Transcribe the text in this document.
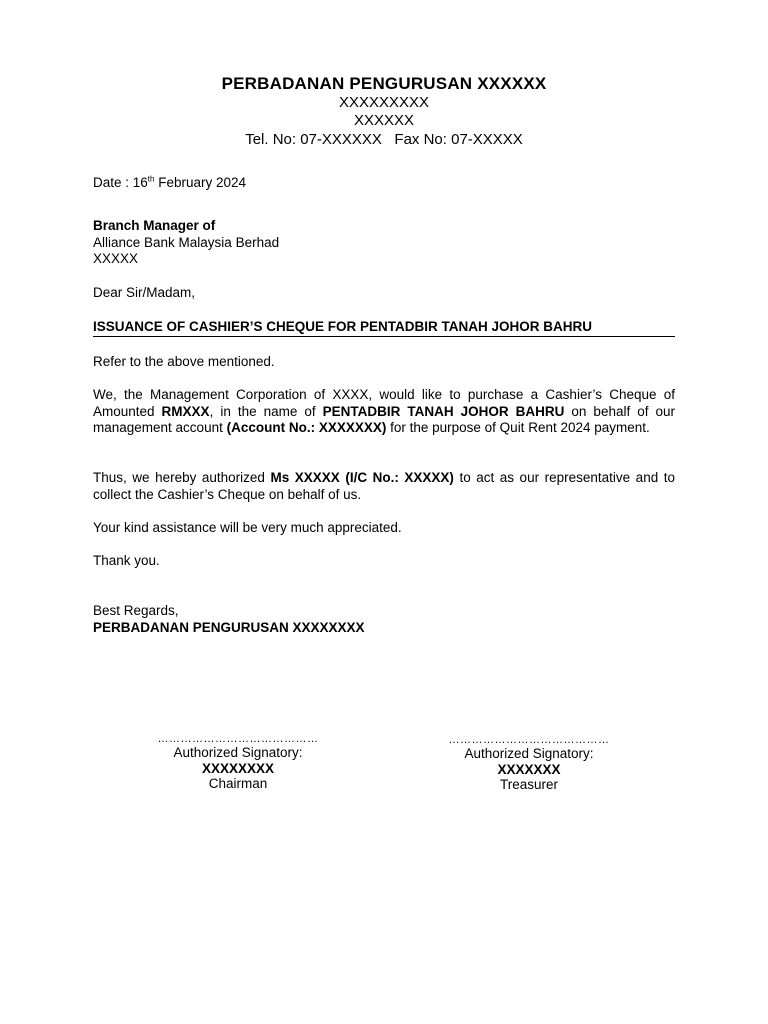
PERBADANAN PENGURUSAN XXXXXX
XXXXXXXXX
XXXXXX
Tel. No: 07-XXXXXX   Fax No: 07-XXXXX
Date : 16th February 2024
Branch Manager of
Alliance Bank Malaysia Berhad
XXXXX
Dear Sir/Madam,
ISSUANCE OF CASHIER’S CHEQUE FOR PENTADBIR TANAH JOHOR BAHRU
Refer to the above mentioned.
We, the Management Corporation of XXXX, would like to purchase a Cashier’s Cheque of Amounted RMXXX, in the name of PENTADBIR TANAH JOHOR BAHRU on behalf of our management account (Account No.: XXXXXXX) for the purpose of Quit Rent 2024 payment.
Thus, we hereby authorized Ms XXXXX (I/C No.: XXXXX) to act as our representative and to collect the Cashier’s Cheque on behalf of us.
Your kind assistance will be very much appreciated.
Thank you.
Best Regards,
PERBADANAN PENGURUSAN XXXXXXXX
……………………………………
Authorized Signatory:
XXXXXXXX
Chairman
……………………………………
Authorized Signatory:
XXXXXXX
Treasurer
